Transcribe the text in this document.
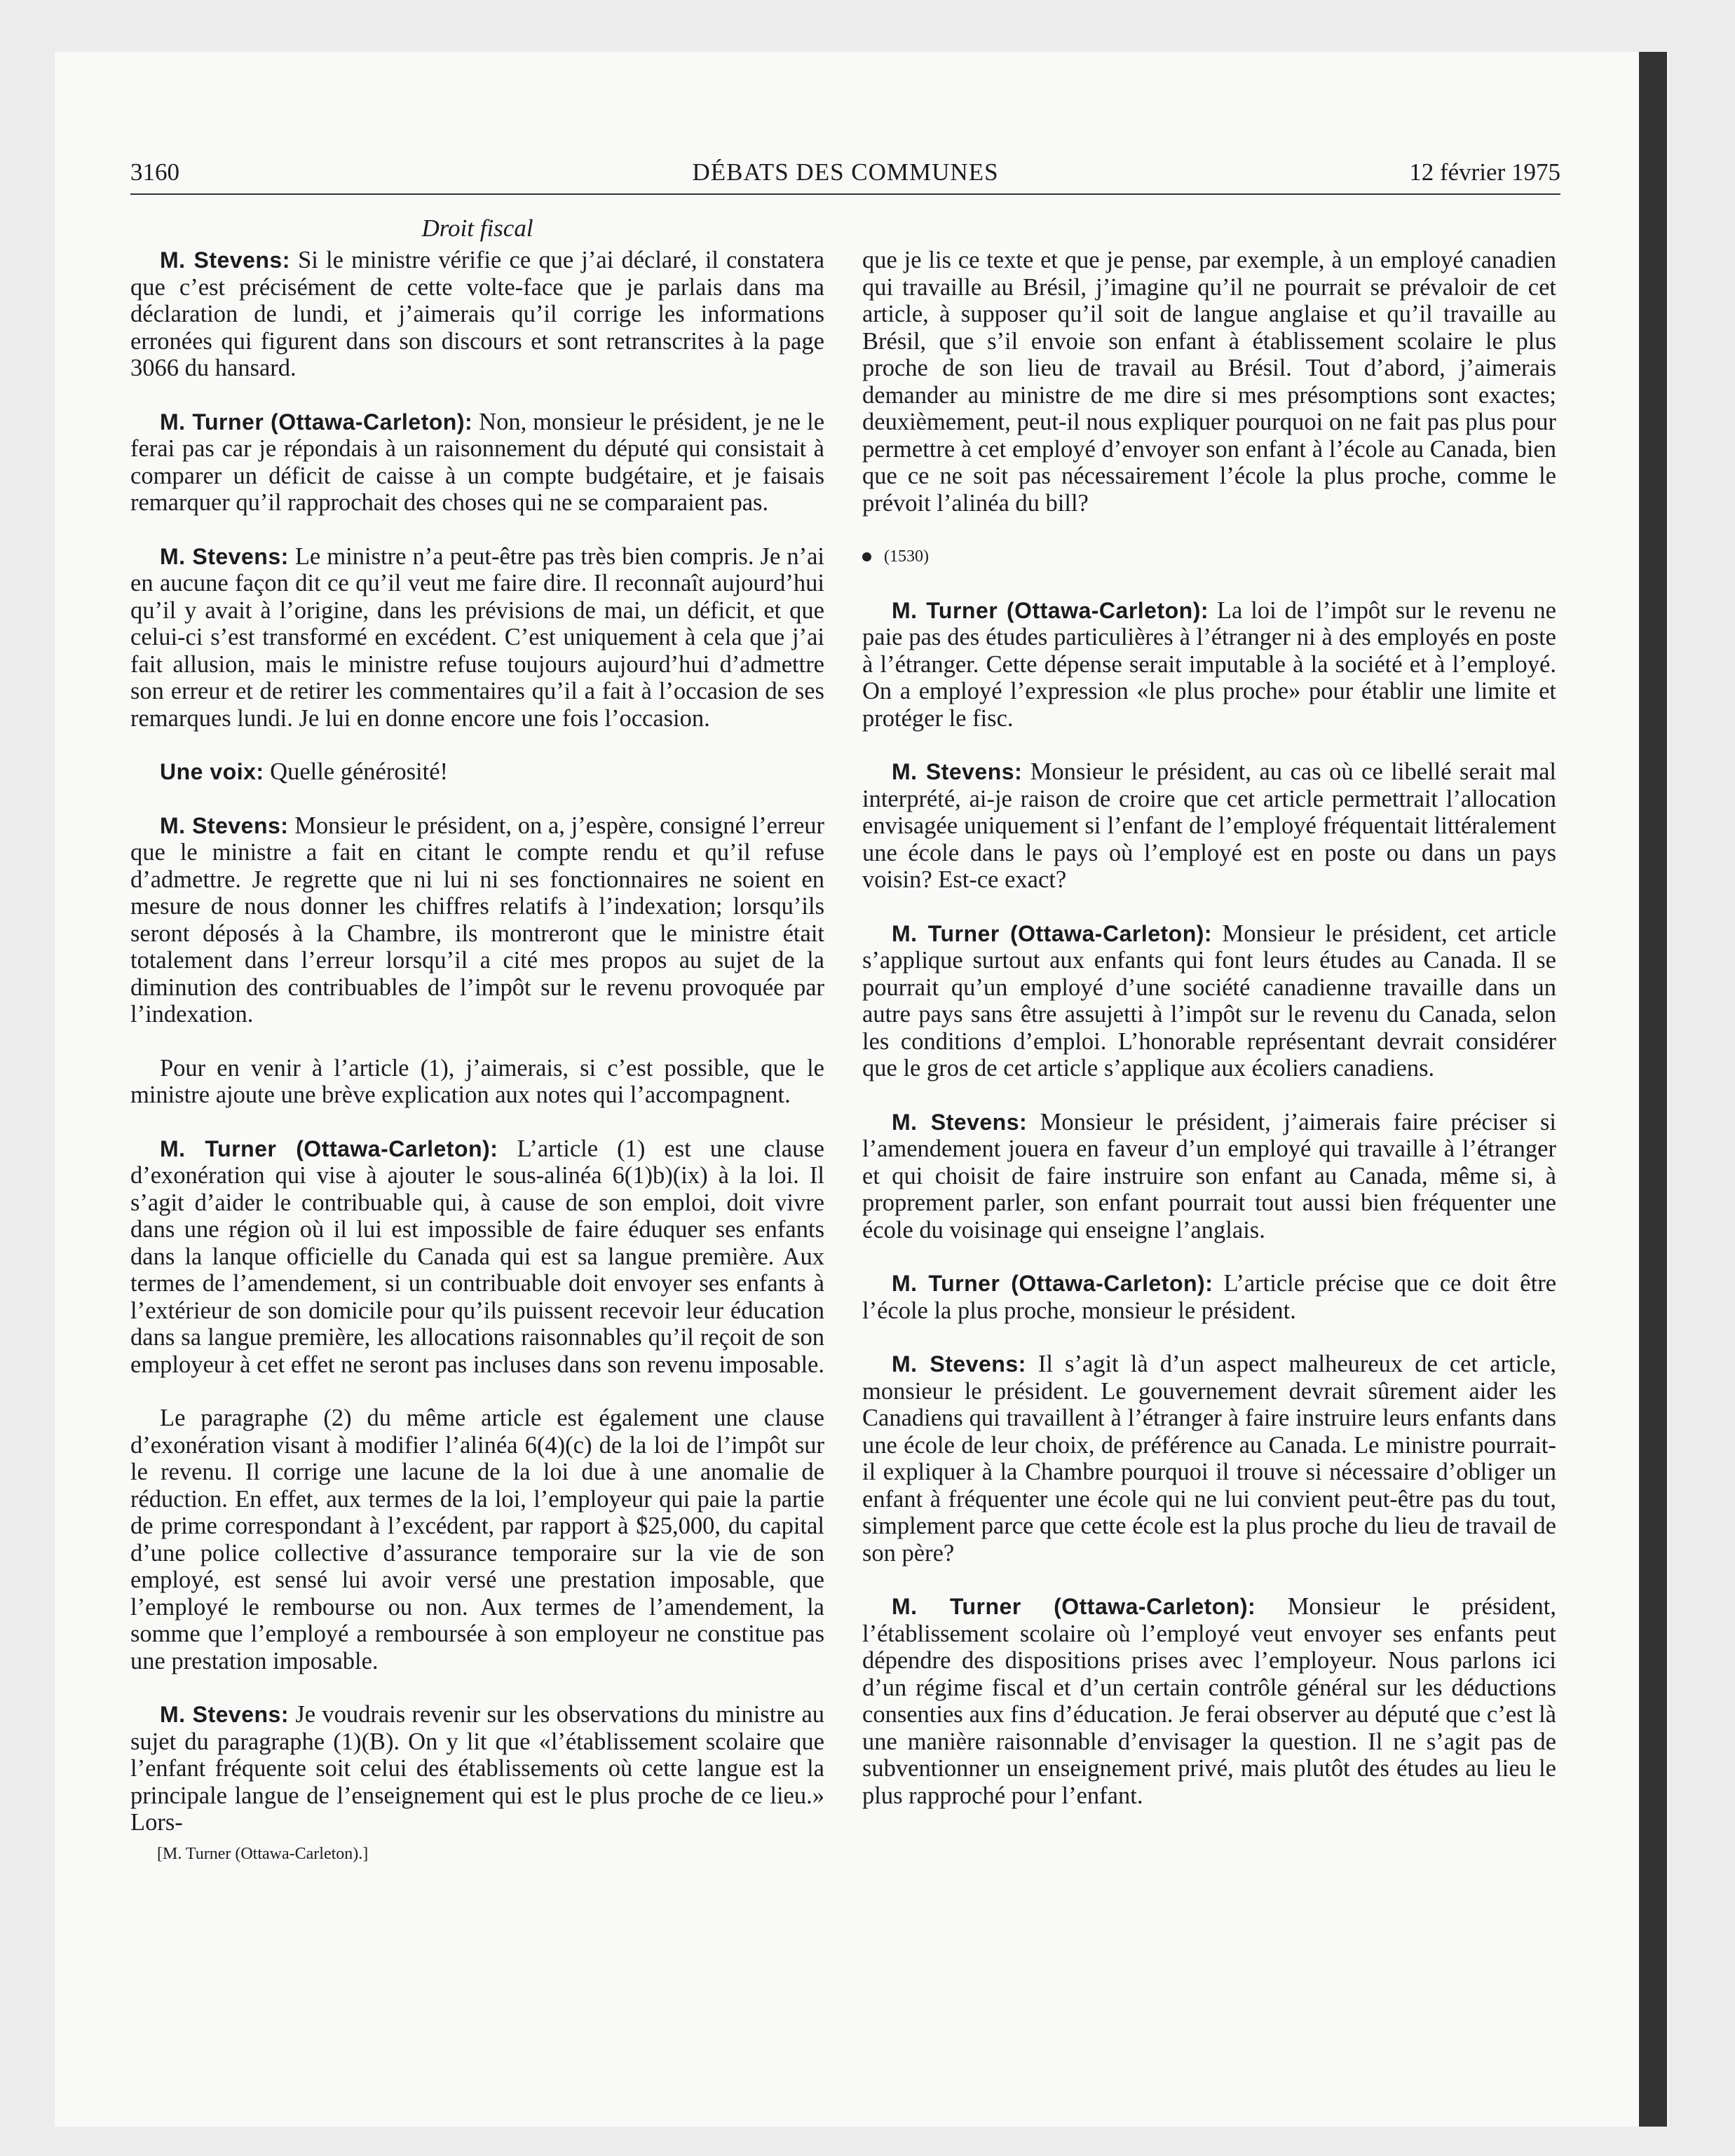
3160	DÉBATS DES COMMUNES	12 février 1975
Droit fiscal

M. Stevens: Si le ministre vérifie ce que j’ai déclaré, il constatera que c’est précisément de cette volte-face que je parlais dans ma déclaration de lundi, et j’aimerais qu’il corrige les informations erronées qui figurent dans son discours et sont retranscrites à la page 3066 du hansard.

M. Turner (Ottawa-Carleton): Non, monsieur le président, je ne le ferai pas car je répondais à un raisonnement du député qui consistait à comparer un déficit de caisse à un compte budgétaire, et je faisais remarquer qu’il rapprochait des choses qui ne se comparaient pas.

M. Stevens: Le ministre n’a peut-être pas très bien compris. Je n’ai en aucune façon dit ce qu’il veut me faire dire. Il reconnaît aujourd’hui qu’il y avait à l’origine, dans les prévisions de mai, un déficit, et que celui-ci s’est transformé en excédent. C’est uniquement à cela que j’ai fait allusion, mais le ministre refuse toujours aujourd’hui d’admettre son erreur et de retirer les commentaires qu’il a fait à l’occasion de ses remarques lundi. Je lui en donne encore une fois l’occasion.

Une voix: Quelle générosité!

M. Stevens: Monsieur le président, on a, j’espère, consigné l’erreur que le ministre a fait en citant le compte rendu et qu’il refuse d’admettre. Je regrette que ni lui ni ses fonctionnaires ne soient en mesure de nous donner les chiffres relatifs à l’indexation; lorsqu’ils seront déposés à la Chambre, ils montreront que le ministre était totalement dans l’erreur lorsqu’il a cité mes propos au sujet de la diminution des contribuables de l’impôt sur le revenu provoquée par l’indexation.

Pour en venir à l’article (1), j’aimerais, si c’est possible, que le ministre ajoute une brève explication aux notes qui l’accompagnent.

M. Turner (Ottawa-Carleton): L’article (1) est une clause d’exonération qui vise à ajouter le sous-alinéa 6(1)b)(ix) à la loi. Il s’agit d’aider le contribuable qui, à cause de son emploi, doit vivre dans une région où il lui est impossible de faire éduquer ses enfants dans la lanque officielle du Canada qui est sa langue première. Aux termes de l’amendement, si un contribuable doit envoyer ses enfants à l’extérieur de son domicile pour qu’ils puissent recevoir leur éducation dans sa langue première, les allocations raisonnables qu’il reçoit de son employeur à cet effet ne seront pas incluses dans son revenu imposable.

Le paragraphe (2) du même article est également une clause d’exonération visant à modifier l’alinéa 6(4)(c) de la loi de l’impôt sur le revenu. Il corrige une lacune de la loi due à une anomalie de réduction. En effet, aux termes de la loi, l’employeur qui paie la partie de prime correspondant à l’excédent, par rapport à $25,000, du capital d’une police collective d’assurance temporaire sur la vie de son employé, est sensé lui avoir versé une prestation imposable, que l’employé le rembourse ou non. Aux termes de l’amendement, la somme que l’employé a remboursée à son employeur ne constitue pas une prestation imposable.

M. Stevens: Je voudrais revenir sur les observations du ministre au sujet du paragraphe (1)(B). On y lit que «l’établissement scolaire que l’enfant fréquente soit celui des établissements où cette langue est la principale langue de l’enseignement qui est le plus proche de ce lieu.» Lors-

[M. Turner (Ottawa-Carleton).]

que je lis ce texte et que je pense, par exemple, à un employé canadien qui travaille au Brésil, j’imagine qu’il ne pourrait se prévaloir de cet article, à supposer qu’il soit de langue anglaise et qu’il travaille au Brésil, que s’il envoie son enfant à établissement scolaire le plus proche de son lieu de travail au Brésil. Tout d’abord, j’aimerais demander au ministre de me dire si mes présomptions sont exactes; deuxièmement, peut-il nous expliquer pourquoi on ne fait pas plus pour permettre à cet employé d’envoyer son enfant à l’école au Canada, bien que ce ne soit pas nécessairement l’école la plus proche, comme le prévoit l’alinéa du bill?

(1530)

M. Turner (Ottawa-Carleton): La loi de l’impôt sur le revenu ne paie pas des études particulières à l’étranger ni à des employés en poste à l’étranger. Cette dépense serait imputable à la société et à l’employé. On a employé l’expression «le plus proche» pour établir une limite et protéger le fisc.

M. Stevens: Monsieur le président, au cas où ce libellé serait mal interprété, ai-je raison de croire que cet article permettrait l’allocation envisagée uniquement si l’enfant de l’employé fréquentait littéralement une école dans le pays où l’employé est en poste ou dans un pays voisin? Est-ce exact?

M. Turner (Ottawa-Carleton): Monsieur le président, cet article s’applique surtout aux enfants qui font leurs études au Canada. Il se pourrait qu’un employé d’une société canadienne travaille dans un autre pays sans être assujetti à l’impôt sur le revenu du Canada, selon les conditions d’emploi. L’honorable représentant devrait considérer que le gros de cet article s’applique aux écoliers canadiens.

M. Stevens: Monsieur le président, j’aimerais faire préciser si l’amendement jouera en faveur d’un employé qui travaille à l’étranger et qui choisit de faire instruire son enfant au Canada, même si, à proprement parler, son enfant pourrait tout aussi bien fréquenter une école du voisinage qui enseigne l’anglais.

M. Turner (Ottawa-Carleton): L’article précise que ce doit être l’école la plus proche, monsieur le président.

M. Stevens: Il s’agit là d’un aspect malheureux de cet article, monsieur le président. Le gouvernement devrait sûrement aider les Canadiens qui travaillent à l’étranger à faire instruire leurs enfants dans une école de leur choix, de préférence au Canada. Le ministre pourrait-il expliquer à la Chambre pourquoi il trouve si nécessaire d’obliger un enfant à fréquenter une école qui ne lui convient peut-être pas du tout, simplement parce que cette école est la plus proche du lieu de travail de son père?

M. Turner (Ottawa-Carleton): Monsieur le président, l’établissement scolaire où l’employé veut envoyer ses enfants peut dépendre des dispositions prises avec l’employeur. Nous parlons ici d’un régime fiscal et d’un certain contrôle général sur les déductions consenties aux fins d’éducation. Je ferai observer au député que c’est là une manière raisonnable d’envisager la question. Il ne s’agit pas de subventionner un enseignement privé, mais plutôt des études au lieu le plus rapproché pour l’enfant.
